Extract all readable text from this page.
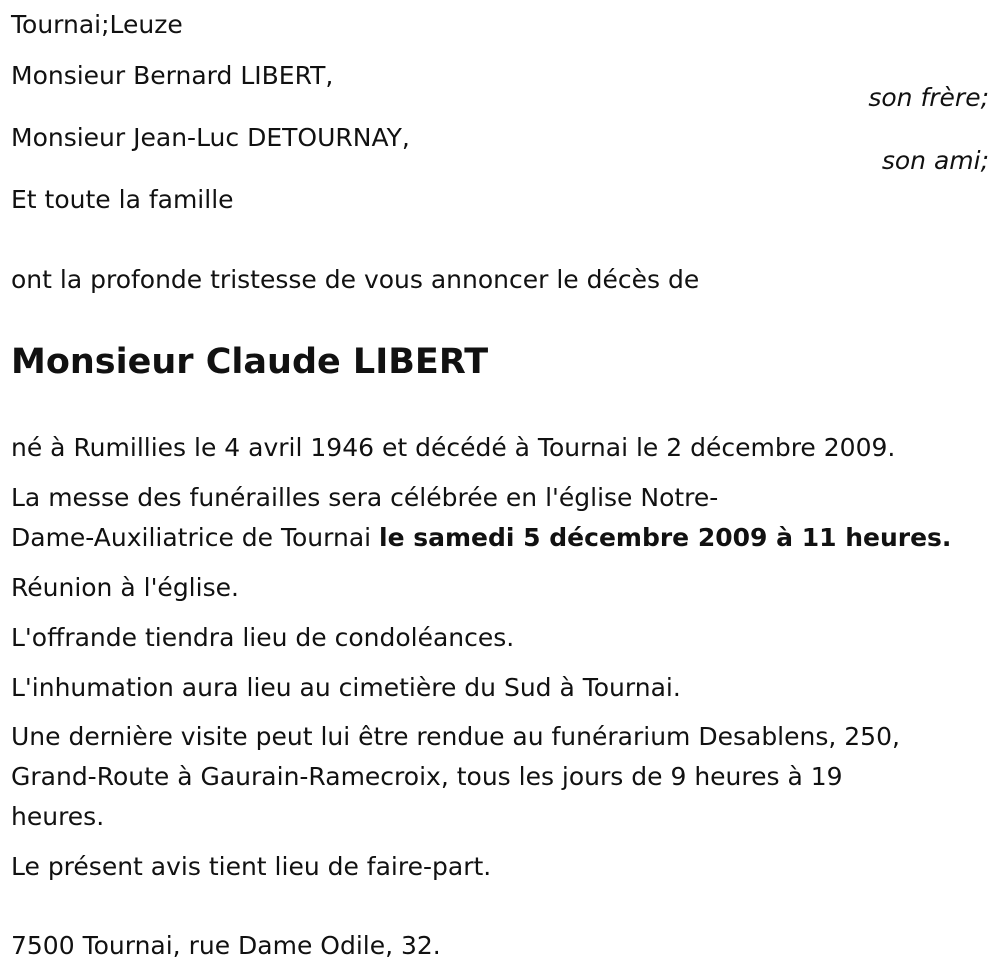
Tournai;Leuze
Monsieur Bernard LIBERT,
son frère;
Monsieur Jean-Luc DETOURNAY,
son ami;
Et toute la famille
ont la profonde tristesse de vous annoncer le décès de
Monsieur Claude LIBERT
né à Rumillies le 4 avril 1946 et décédé à Tournai le 2 décembre 2009.
La messe des funérailles sera célébrée en l'église Notre-
Dame-Auxiliatrice de Tournai le samedi 5 décembre 2009 à 11 heures.
Réunion à l'église.
L'offrande tiendra lieu de condoléances.
L'inhumation aura lieu au cimetière du Sud à Tournai.
Une dernière visite peut lui être rendue au funérarium Desablens, 250,
Grand-Route à Gaurain-Ramecroix, tous les jours de 9 heures à 19
heures.
Le présent avis tient lieu de faire-part.
7500 Tournai, rue Dame Odile, 32.
